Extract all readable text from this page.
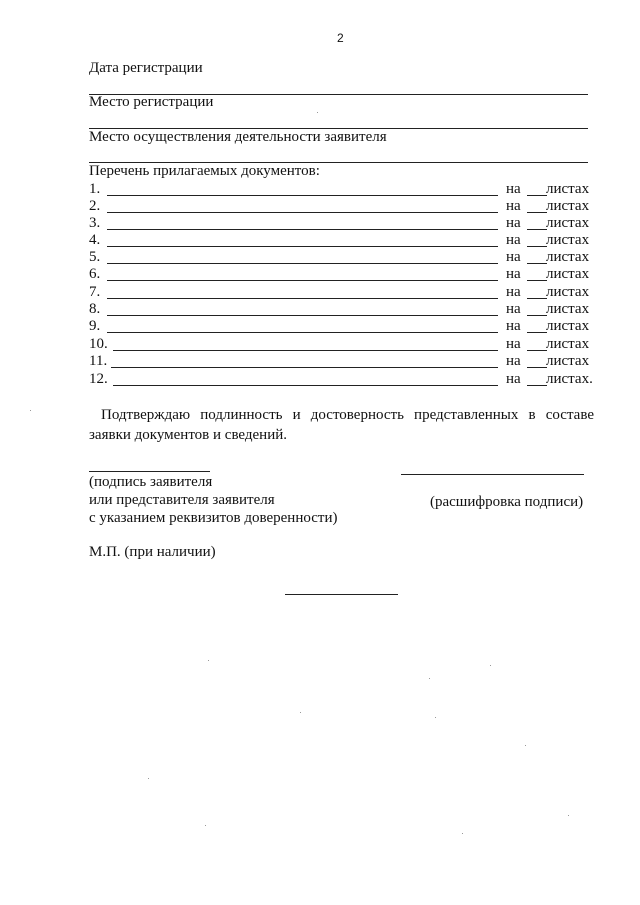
2
Дата регистрации
Место регистрации
Место осуществления деятельности заявителя
Перечень прилагаемых документов:
1.	на листах
2.	на листах
3.	на листах
4.	на листах
5.	на листах
6.	на листах
7.	на листах
8.	на листах
9.	на листах
10.	на листах
11.	на листах
12.	на листах.
Подтверждаю подлинность и достоверность представленных в составе
заявки документов и сведений.
(подпись заявителя
или представителя заявителя
с указанием реквизитов доверенности)
(расшифровка подписи)
М.П. (при наличии)
